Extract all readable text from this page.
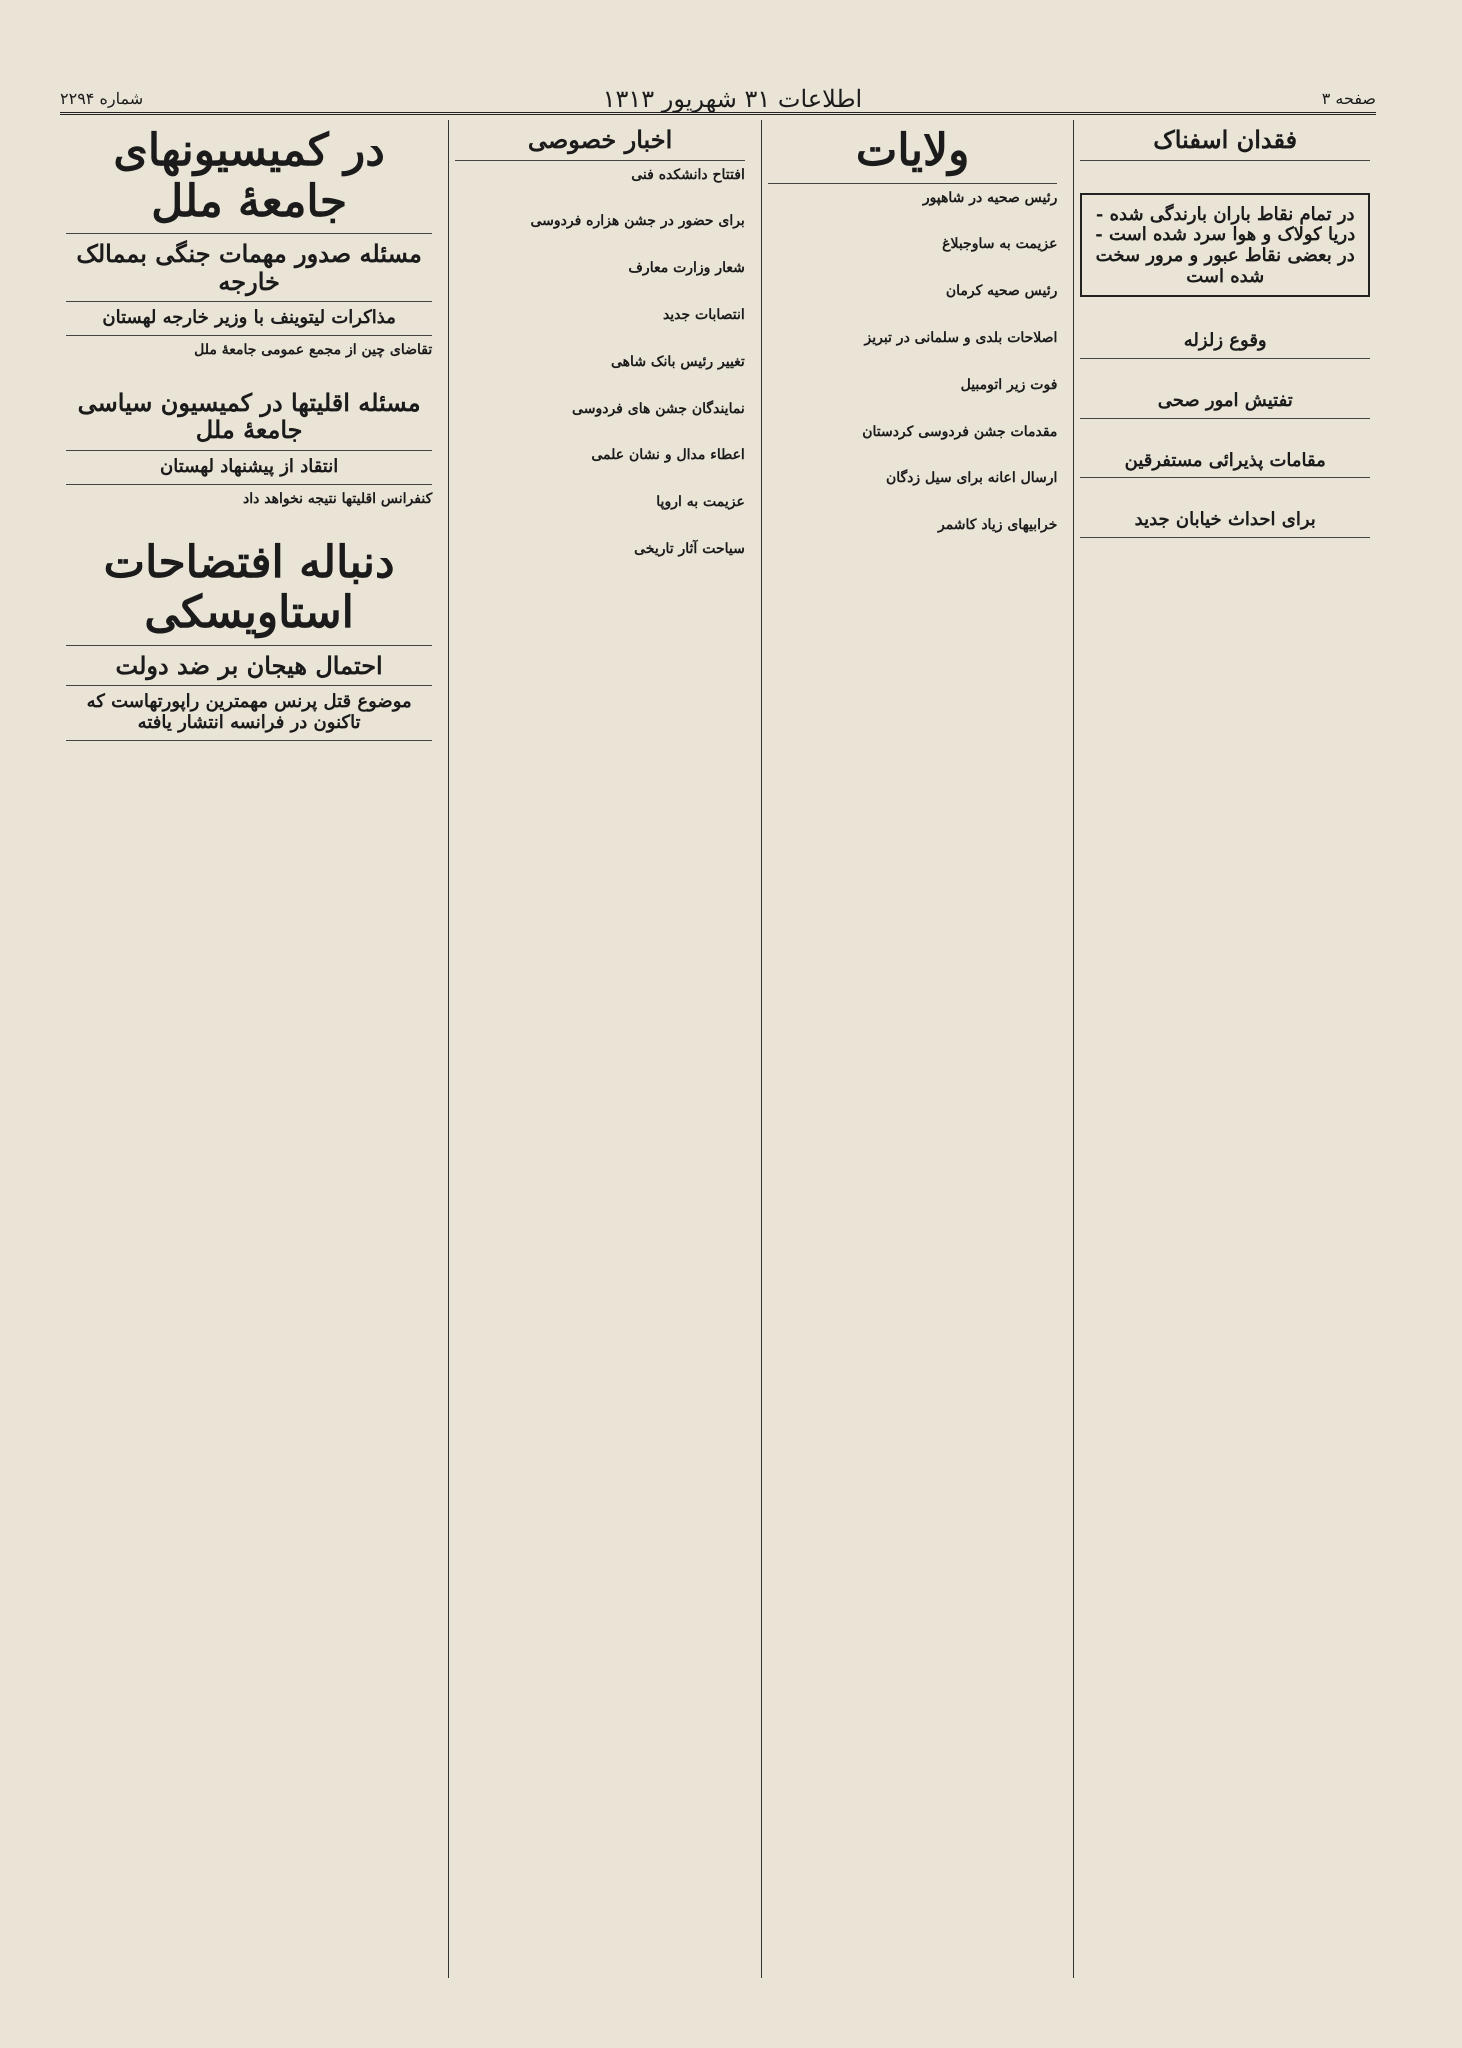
صفحه ۳
اطلاعات ۳۱ شهریور ۱۳۱۳
شماره ۲۲۹۴
فقدان اسفناک
در تمام نقاط باران بارندگی شده - دریا کولاک و هوا سرد شده است - در بعضی نقاط عبور و مرور سخت شده است
وقوع زلزله
تفتیش امور صحی
مقامات پذیرائی مستفرقین
برای احداث خیابان جدید
ولایات
رئیس صحیه در شاهپور
عزیمت به ساوجبلاغ
رئیس صحیه کرمان
اصلاحات بلدی و سلمانی در تبریز
فوت زیر اتومبیل
مقدمات جشن فردوسی کردستان
ارسال اعانه برای سیل زدگان
خرابیهای زیاد کاشمر
اخبار خصوصی
افتتاح دانشکده فنی
برای حضور در جشن هزاره فردوسی
شعار وزارت معارف
انتصابات جدید
تغییر رئیس بانک شاهی
نمایندگان جشن های فردوسی
اعطاء مدال و نشان علمی
عزیمت به اروپا
سیاحت آثار تاریخی
در کمیسیونهای جامعهٔ ملل
مسئله صدور مهمات جنگی بممالک خارجه
مذاکرات لیتوینف با وزیر خارجه لهستان
تقاضای چین از مجمع عمومی جامعهٔ ملل
مسئله اقلیتها در کمیسیون سیاسی جامعهٔ ملل
انتقاد از پیشنهاد لهستان
کنفرانس اقلیتها نتیجه نخواهد داد
دنباله افتضاحات استاویسکی
احتمال هیجان بر ضد دولت
موضوع قتل پرنس مهمترین راپورتهاست که تاکنون در فرانسه انتشار یافته
